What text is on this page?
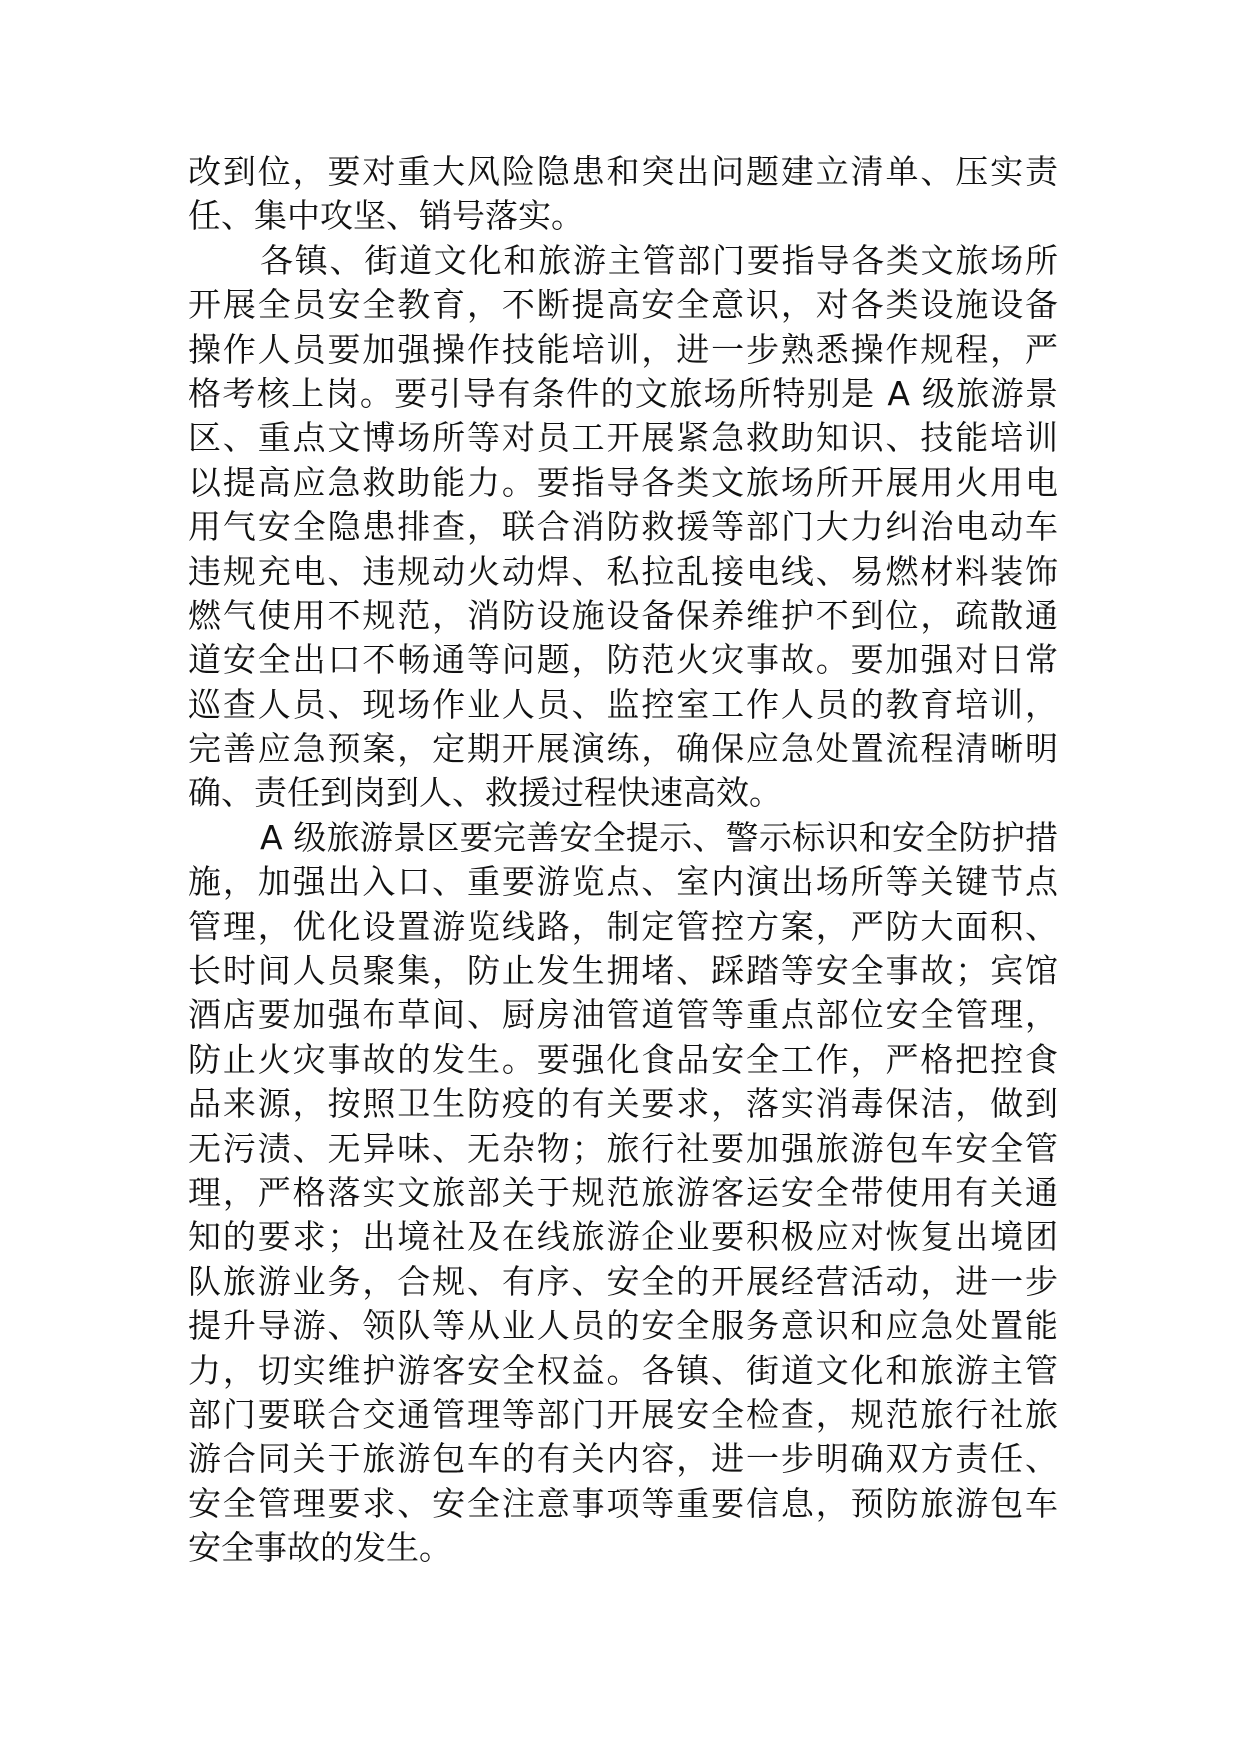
改到位，要对重大风险隐患和突出问题建立清单、压实责
任、集中攻坚、销号落实。
各镇、街道文化和旅游主管部门要指导各类文旅场所
开展全员安全教育，不断提高安全意识，对各类设施设备
操作人员要加强操作技能培训，进一步熟悉操作规程，严
格考核上岗。要引导有条件的文旅场所特别是 A 级旅游景
区、重点文博场所等对员工开展紧急救助知识、技能培训
以提高应急救助能力。要指导各类文旅场所开展用火用电
用气安全隐患排查，联合消防救援等部门大力纠治电动车
违规充电、违规动火动焊、私拉乱接电线、易燃材料装饰
燃气使用不规范，消防设施设备保养维护不到位，疏散通
道安全出口不畅通等问题，防范火灾事故。要加强对日常
巡查人员、现场作业人员、监控室工作人员的教育培训，
完善应急预案，定期开展演练，确保应急处置流程清晰明
确、责任到岗到人、救援过程快速高效。
A 级旅游景区要完善安全提示、警示标识和安全防护措
施，加强出入口、重要游览点、室内演出场所等关键节点
管理，优化设置游览线路，制定管控方案，严防大面积、
长时间人员聚集，防止发生拥堵、踩踏等安全事故；宾馆
酒店要加强布草间、厨房油管道管等重点部位安全管理，
防止火灾事故的发生。要强化食品安全工作，严格把控食
品来源，按照卫生防疫的有关要求，落实消毒保洁，做到
无污渍、无异味、无杂物；旅行社要加强旅游包车安全管
理，严格落实文旅部关于规范旅游客运安全带使用有关通
知的要求；出境社及在线旅游企业要积极应对恢复出境团
队旅游业务，合规、有序、安全的开展经营活动，进一步
提升导游、领队等从业人员的安全服务意识和应急处置能
力，切实维护游客安全权益。各镇、街道文化和旅游主管
部门要联合交通管理等部门开展安全检查，规范旅行社旅
游合同关于旅游包车的有关内容，进一步明确双方责任、
安全管理要求、安全注意事项等重要信息，预防旅游包车
安全事故的发生。
